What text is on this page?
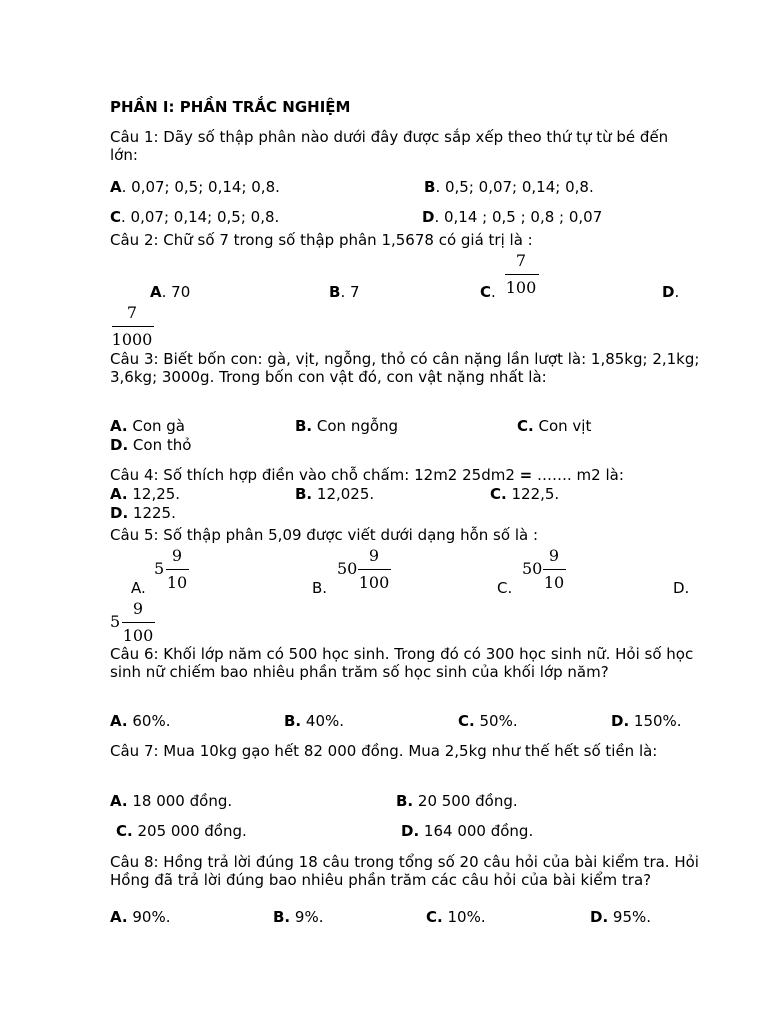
PHẦN I: PHẦN TRẮC NGHIỆM
Câu 1: Dãy số thập phân nào dưới đây được sắp xếp theo thứ tự từ bé đến lớn:
A. 0,07; 0,5; 0,14; 0,8.	B. 0,5; 0,07; 0,14; 0,8.
C. 0,07; 0,14; 0,5; 0,8.	D. 0,14 ; 0,5 ; 0,8 ; 0,07
Câu 2: Chữ số 7 trong số thập phân 1,5678 có giá trị là :
A. 70	B. 7	C.
7
100	D.
7
1000
Câu 3: Biết bốn con: gà, vịt, ngỗng, thỏ có cân nặng lần lượt là: 1,85kg; 2,1kg; 3,6kg; 3000g. Trong bốn con vật đó, con vật nặng nhất là:
A. Con gà	B. Con ngỗng	C. Con vịt
D. Con thỏ
Câu 4: Số thích hợp điền vào chỗ chấm: 12m2 25dm2 = ……. m2 là:
A. 12,25.	B. 12,025.	C. 122,5.
D. 1225.
Câu 5: Số thập phân 5,09 được viết dưới dạng hỗn số là :
A.
5
9
10	B.
50
9
100	C.
50
9
10	D.
5
9
100
Câu 6: Khối lớp năm có 500 học sinh. Trong đó có 300 học sinh nữ. Hỏi số học sinh nữ chiếm bao nhiêu phần trăm số học sinh của khối lớp năm?
A. 60%.	B. 40%.	C. 50%.	D. 150%.
Câu 7: Mua 10kg gạo hết 82 000 đồng. Mua 2,5kg như thế hết số tiền là:
A. 18 000 đồng.	B. 20 500 đồng.
C. 205 000 đồng.	D. 164 000 đồng.
Câu 8: Hồng trả lời đúng 18 câu trong tổng số 20 câu hỏi của bài kiểm tra. Hỏi Hồng đã trả lời đúng bao nhiêu phần trăm các câu hỏi của bài kiểm tra?
A. 90%.	B. 9%.	C. 10%.	D. 95%.
